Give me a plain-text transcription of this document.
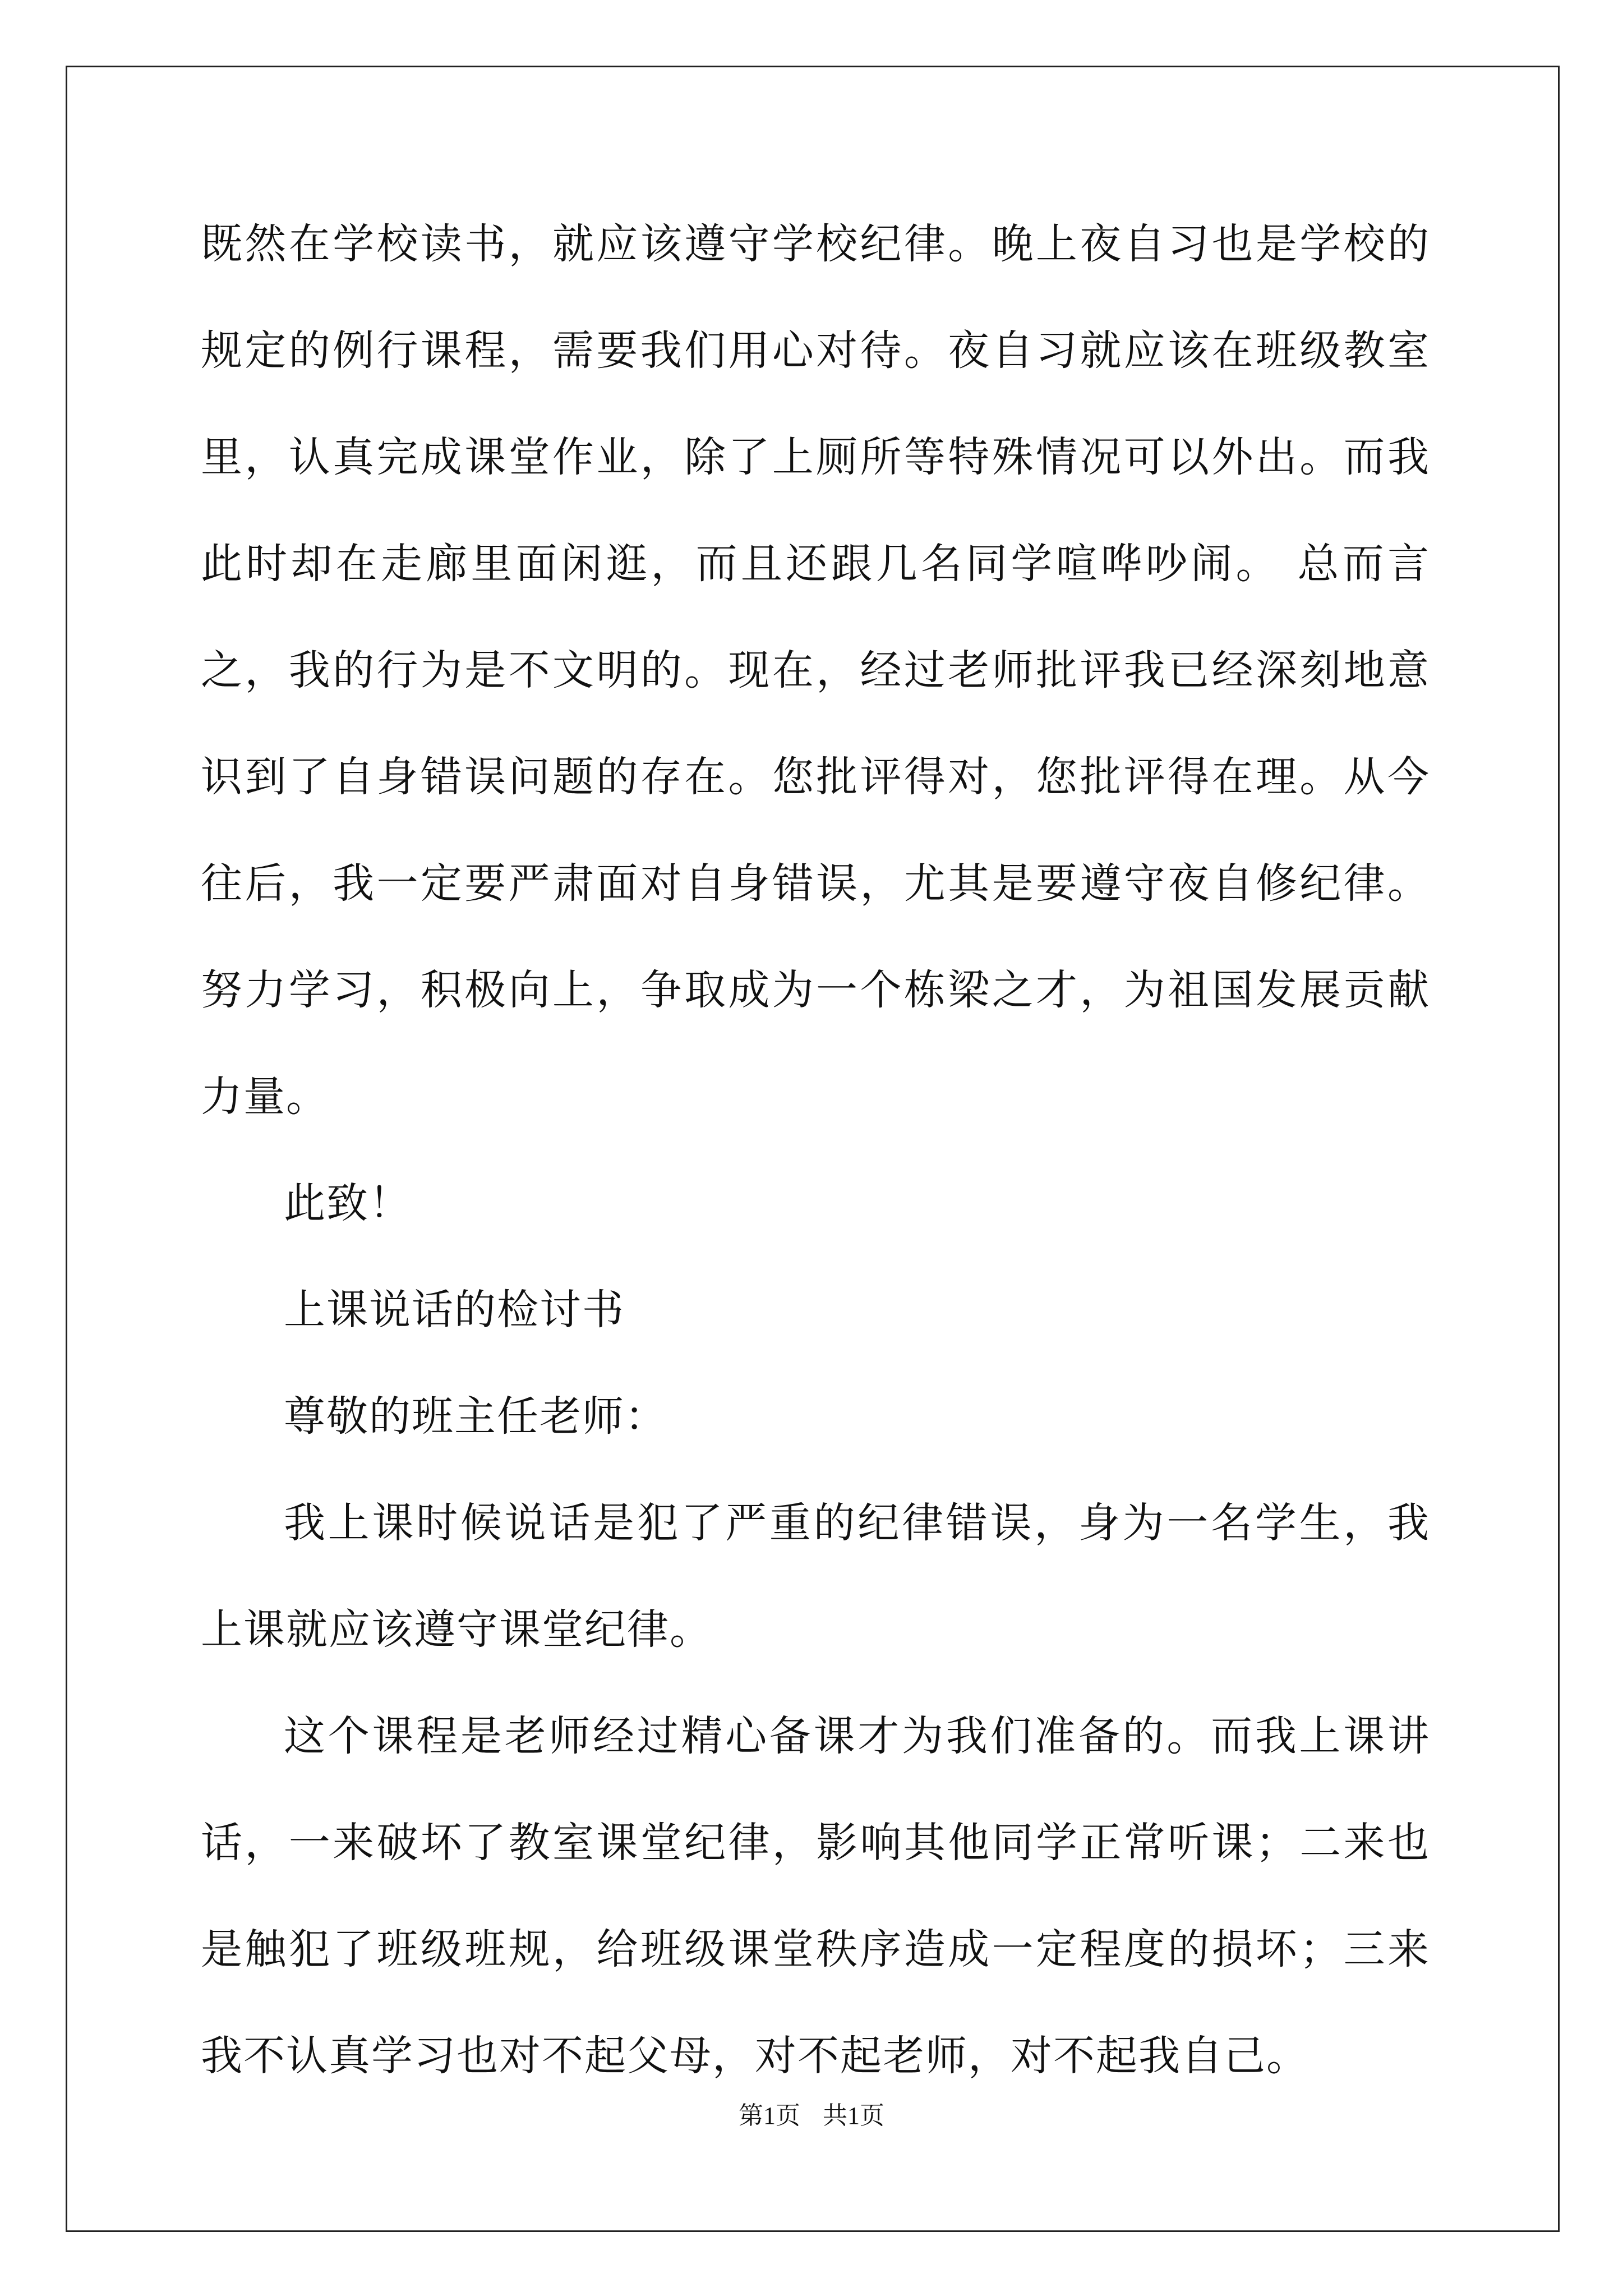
既然在学校读书，就应该遵守学校纪律。晚上夜自习也是学校的规定的例行课程，需要我们用心对待。夜自习就应该在班级教室里，认真完成课堂作业，除了上厕所等特殊情况可以外出。而我此时却在走廊里面闲逛，而且还跟几名同学喧哗吵闹。 总而言之，我的行为是不文明的。现在，经过老师批评我已经深刻地意识到了自身错误问题的存在。您批评得对，您批评得在理。从今往后，我一定要严肃面对自身错误，尤其是要遵守夜自修纪律。努力学习，积极向上，争取成为一个栋梁之才，为祖国发展贡献力量。

此致！

上课说话的检讨书

尊敬的班主任老师：

我上课时候说话是犯了严重的纪律错误，身为一名学生，我上课就应该遵守课堂纪律。

这个课程是老师经过精心备课才为我们准备的。而我上课讲话，一来破坏了教室课堂纪律，影响其他同学正常听课；二来也是触犯了班级班规，给班级课堂秩序造成一定程度的损坏；三来我不认真学习也对不起父母，对不起老师，对不起我自己。

第1页 共1页
